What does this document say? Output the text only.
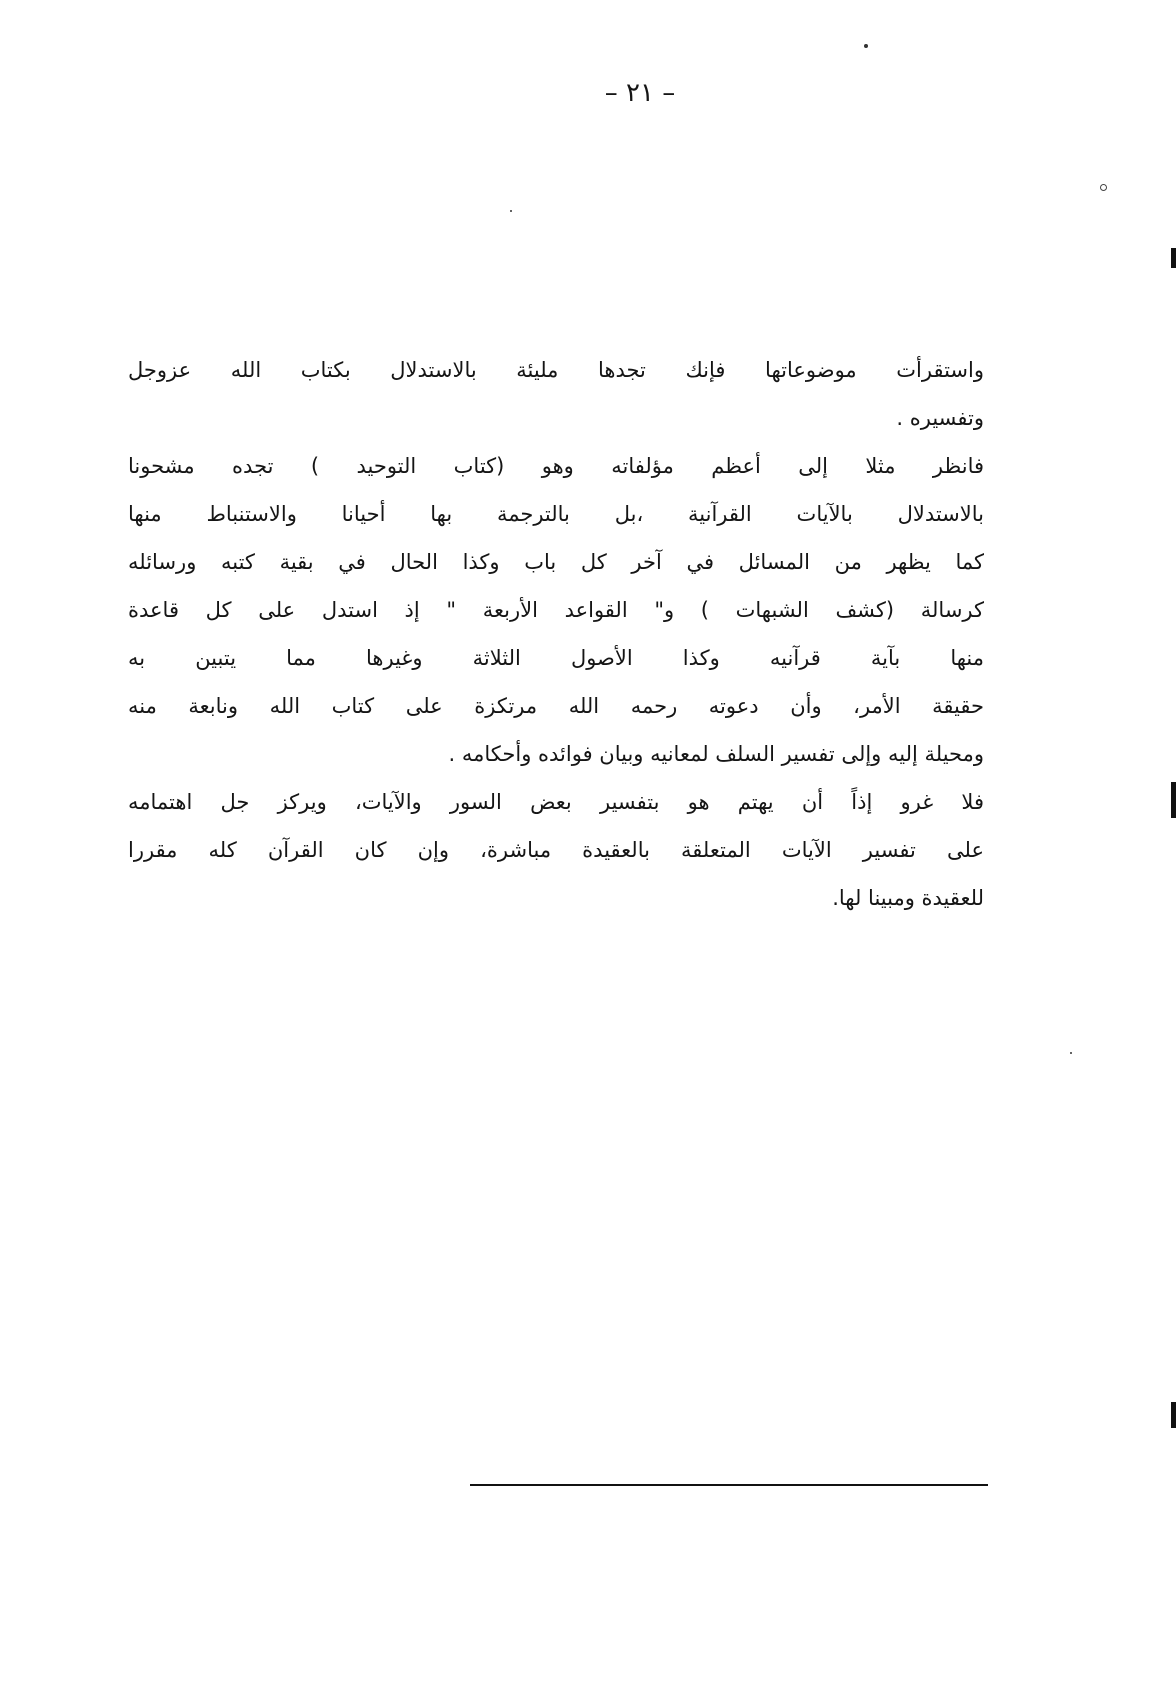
– ٢١ –
واستقرأت موضوعاتها فإنك تجدها مليئة بالاستدلال بكتاب الله عزوجل
وتفسيره .
فانظر مثلا إلى أعظم مؤلفاته وهو (كتاب التوحيد ) تجده مشحونا
بالاستدلال بالآيات القرآنية ،بل بالترجمة بها أحيانا والاستنباط منها
كما يظهر من المسائل في آخر كل باب وكذا الحال في بقية كتبه ورسائله
كرسالة (كشف الشبهات ) و" القواعد الأربعة " إذ استدل على كل قاعدة
منها بآية قرآنيه وكذا الأصول الثلاثة وغيرها مما يتبين به
حقيقة الأمر، وأن دعوته رحمه الله مرتكزة على كتاب الله ونابعة منه
ومحيلة إليه وإلى تفسير السلف لمعانيه وبيان فوائده وأحكامه .
فلا غرو إذاً أن يهتم هو بتفسير بعض السور والآيات، ويركز جل اهتمامه
على تفسير الآيات المتعلقة بالعقيدة مباشرة، وإن كان القرآن كله مقررا
للعقيدة ومبينا لها.
